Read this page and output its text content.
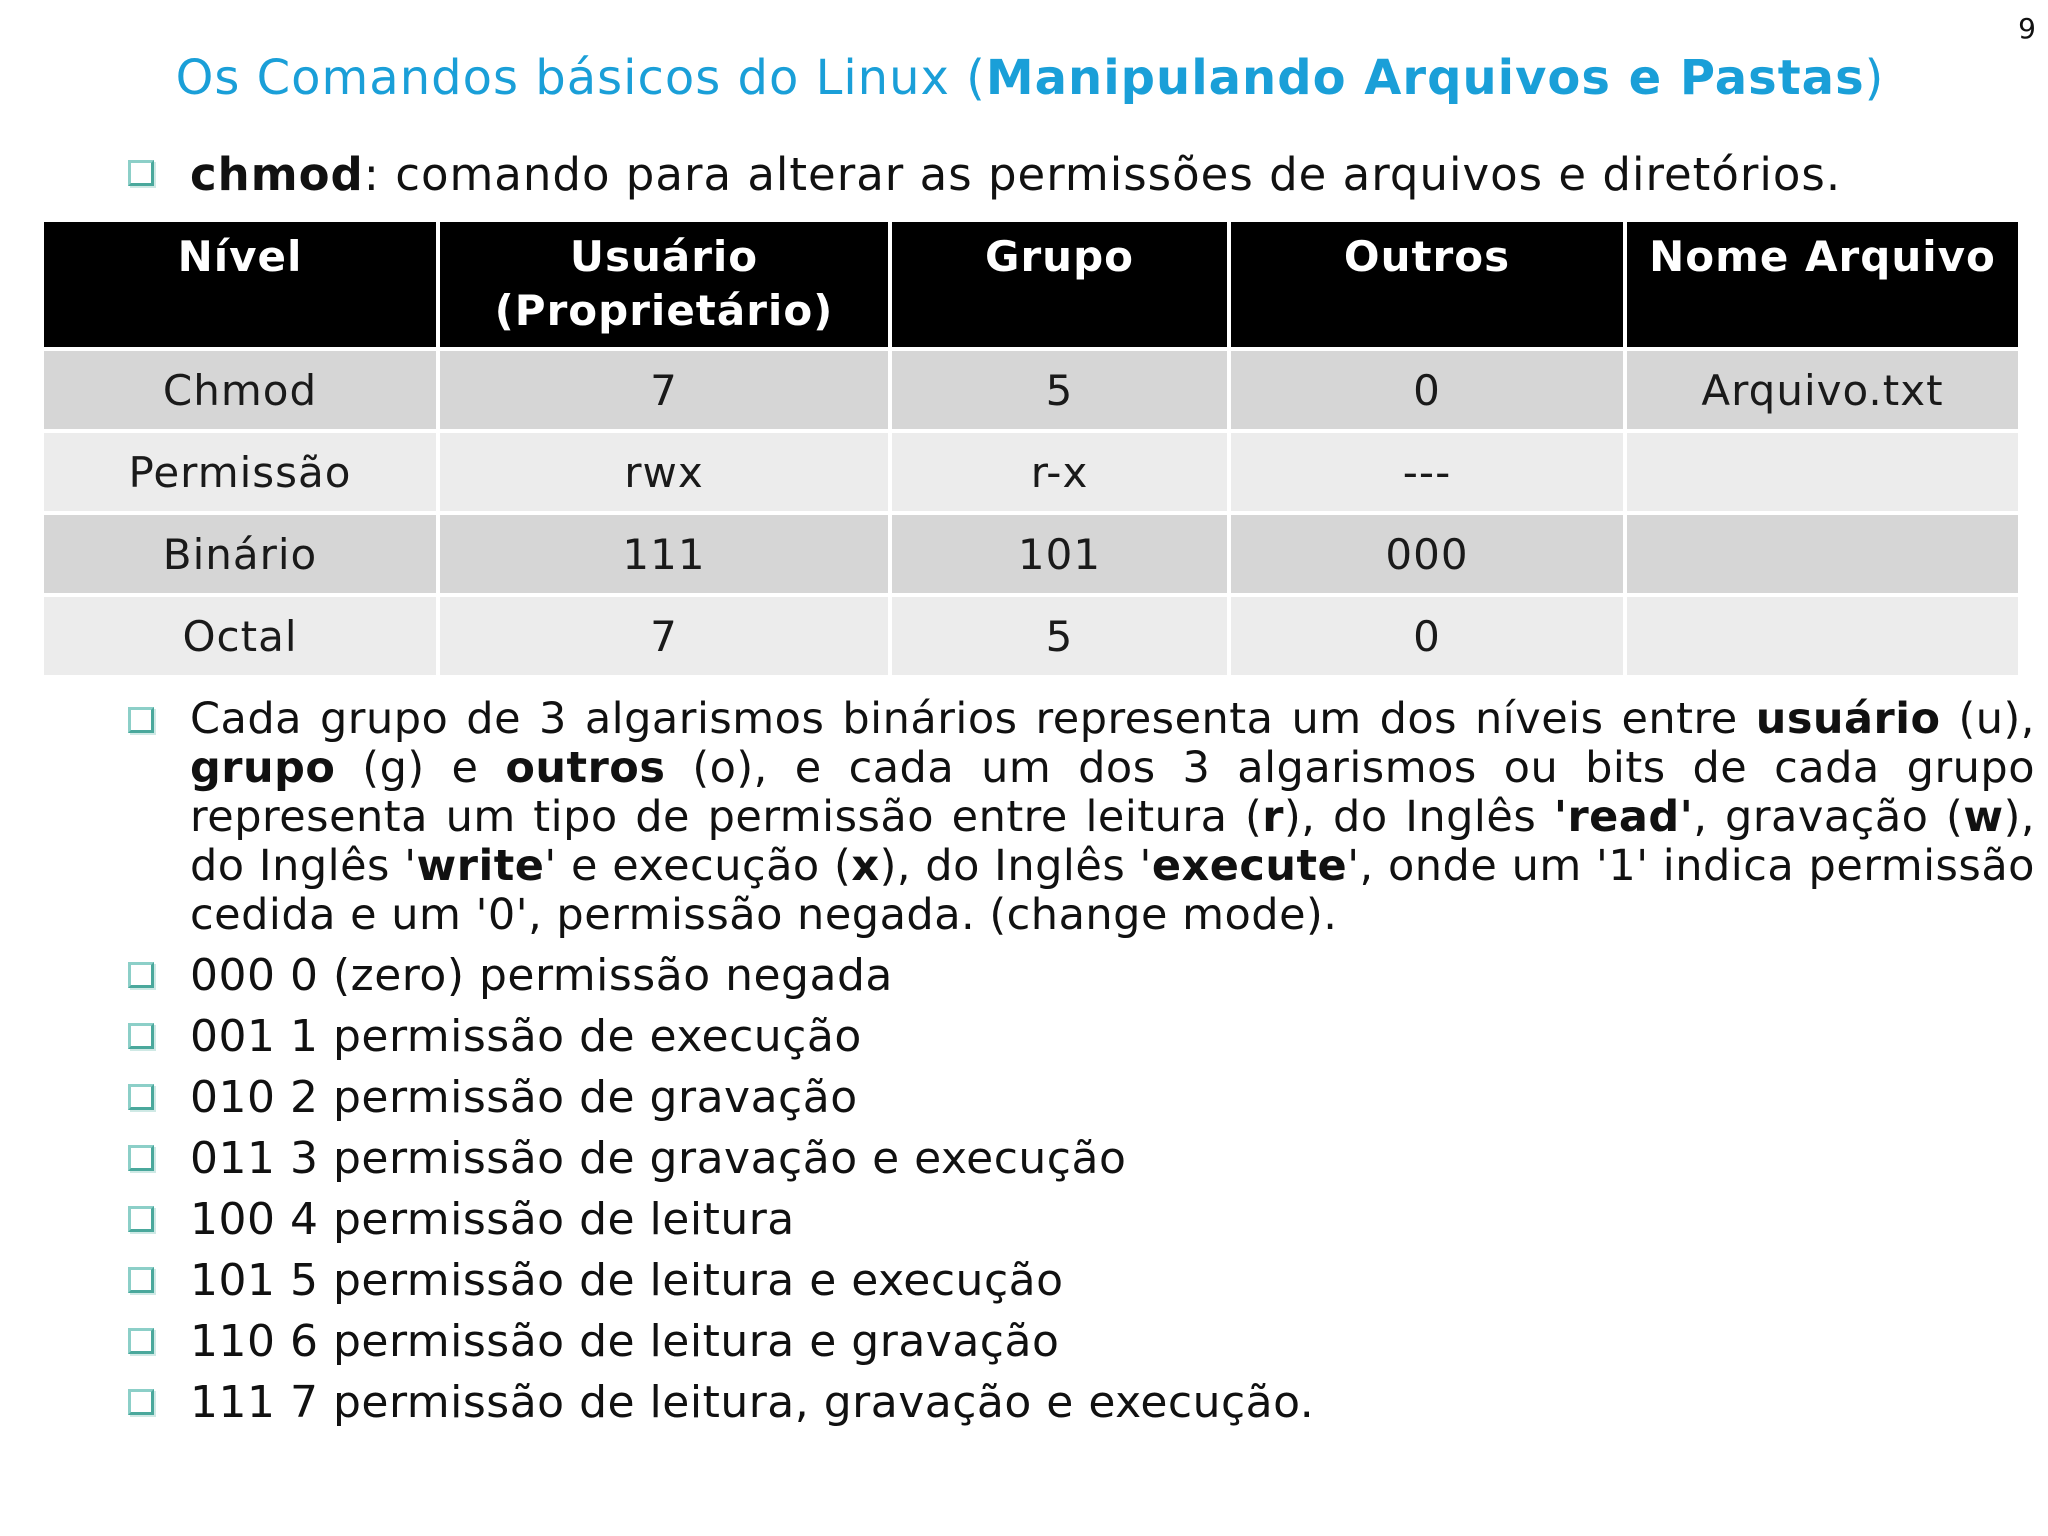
9
Os Comandos básicos do Linux (Manipulando Arquivos e Pastas)
chmod: comando para alterar as permissões de arquivos e diretórios.
Nível	Usuário (Proprietário)	Grupo	Outros	Nome Arquivo
Chmod	7	5	0	Arquivo.txt
Permissão	rwx	r-x	---	
Binário	111	101	000	
Octal	7	5	0	
Cada grupo de 3 algarismos binários representa um dos níveis entre usuário (u), grupo (g) e outros (o), e cada um dos 3 algarismos ou bits de cada grupo representa um tipo de permissão entre leitura (r), do Inglês 'read', gravação (w), do Inglês 'write' e execução (x), do Inglês 'execute', onde um '1' indica permissão cedida e um '0', permissão negada. (change mode).
000 0 (zero) permissão negada
001 1 permissão de execução
010 2 permissão de gravação
011 3 permissão de gravação e execução
100 4 permissão de leitura
101 5 permissão de leitura e execução
110 6 permissão de leitura e gravação
111 7 permissão de leitura, gravação e execução.
